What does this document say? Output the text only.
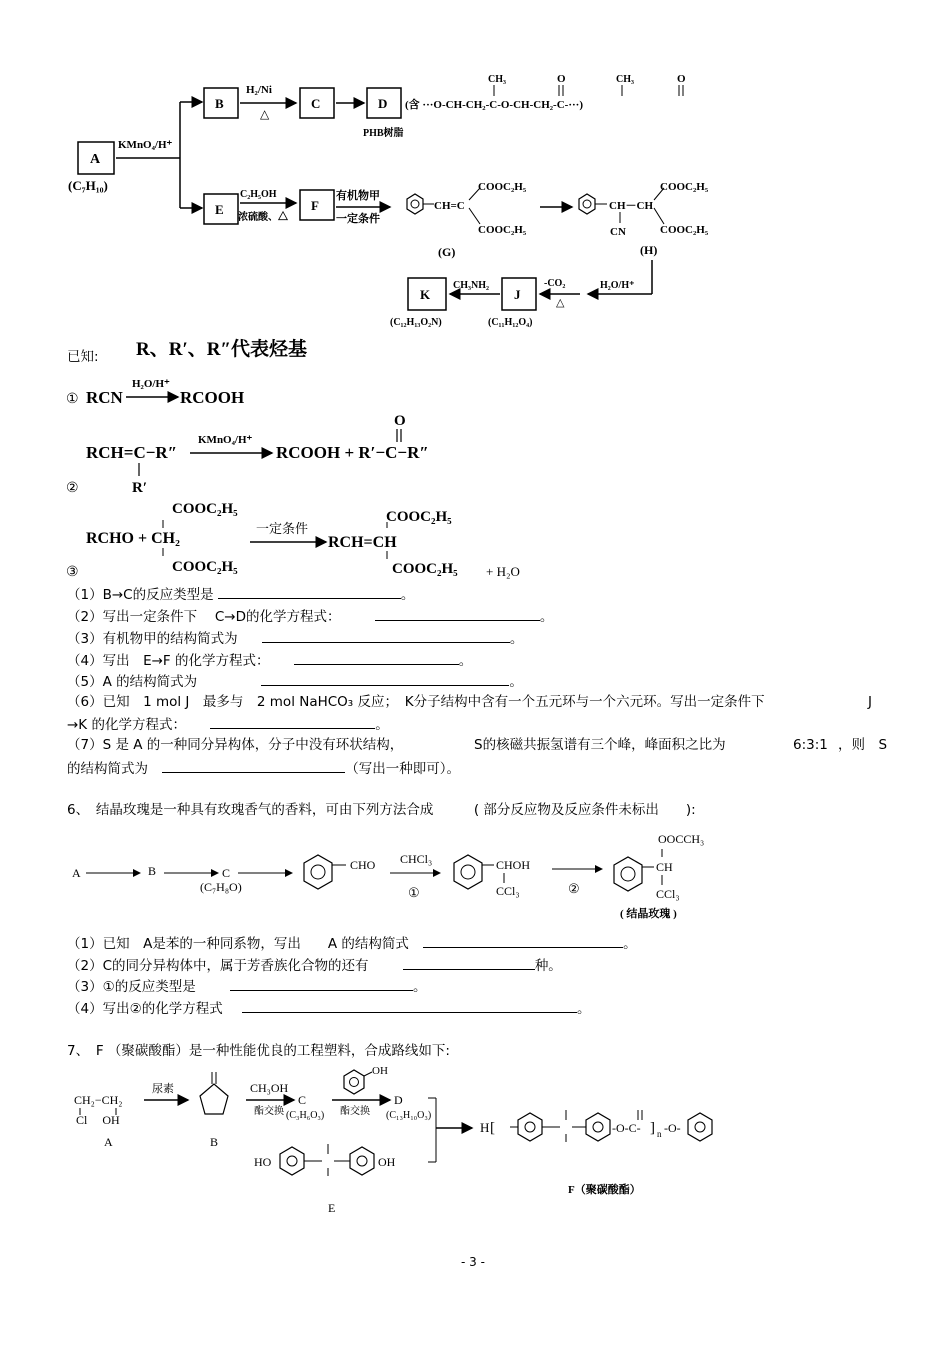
A
(C₇H₁₀)
KMnO₄/H⁺
B
H₂/Ni
△
C	D
PHB树脂
(含 ···O-CH-CH₂-C-O-CH-CH₂-C-···)
CH₃	O	CH₃	O
E
C₂H₅OH
浓硫酸、△
F
有机物甲
一定条件
CH=C
COOC₂H₅
COOC₂H₅
(G)
CH－CH
CN
COOC₂H₅
COOC₂H₅
(H)
H₂O/H⁺
J
(C₁₁H₁₂O₄)
-CO₂
△
CH₃NH₂
K
(C₁₂H₁₃O₂N)
已知: R、R′、R″代表烃基
① RCN
H₂O/H⁺
RCOOH
O
RCH=C−R″
R′
KMnO₄/H⁺
RCOOH + R′−C−R″
②
COOC₂H₅
RCHO + CH₂
COOC₂H₅
一定条件
RCH=CH
COOC₂H₅
COOC₂H₅
③	+ H₂O
（1）B→C的反应类型是	。
（2）写出一定条件下　 C→D的化学方程式：	。
（3）有机物甲的结构简式为	。
（4）写出　E→F 的化学方程式：	。
（5）A 的结构简式为	。
（6）已知　1 mol J　最多与　2 mol NaHCO₃ 反应；　K分子结构中含有一个五元环与一个六元环。写出一定条件下	J
→K 的化学方程式：	。
（7）S 是 A 的一种同分异构体，分子中没有环状结构，	S的核磁共振氢谱有三个峰，峰面积之比为	6:3:1 ，则　S
的结构简式为	（写出一种即可）。
6、　结晶玫瑰是一种具有玫瑰香气的香料，可由下列方法合成　　　( 部分反应物及反应条件未标出　　):
A	B	C
(C₇H₈O)
CHO CHCl₃
①
CHOH
CCl₃	②
CH
OOCCH₃
CCl₃
( 结晶玫瑰 )
（1）已知　A是苯的一种同系物，写出　　A 的结构简式	。
（2）C的同分异构体中，属于芳香族化合物的还有	种。
（3）①的反应类型是	。
（4）写出②的化学方程式	。
7、　F （聚碳酸酯）是一种性能优良的工程塑料，合成路线如下:
CH₂−CH₂
Cl　 OH
A
尿素
B
CH₃OH
酯交换
C
(C₃H₆O₃)
OH
酯交换
D
(C₁₃H₁₀O₃)
HO	OH
E
H [	-O-C- ] n -O-
F（聚碳酸酯）
- 3 -
